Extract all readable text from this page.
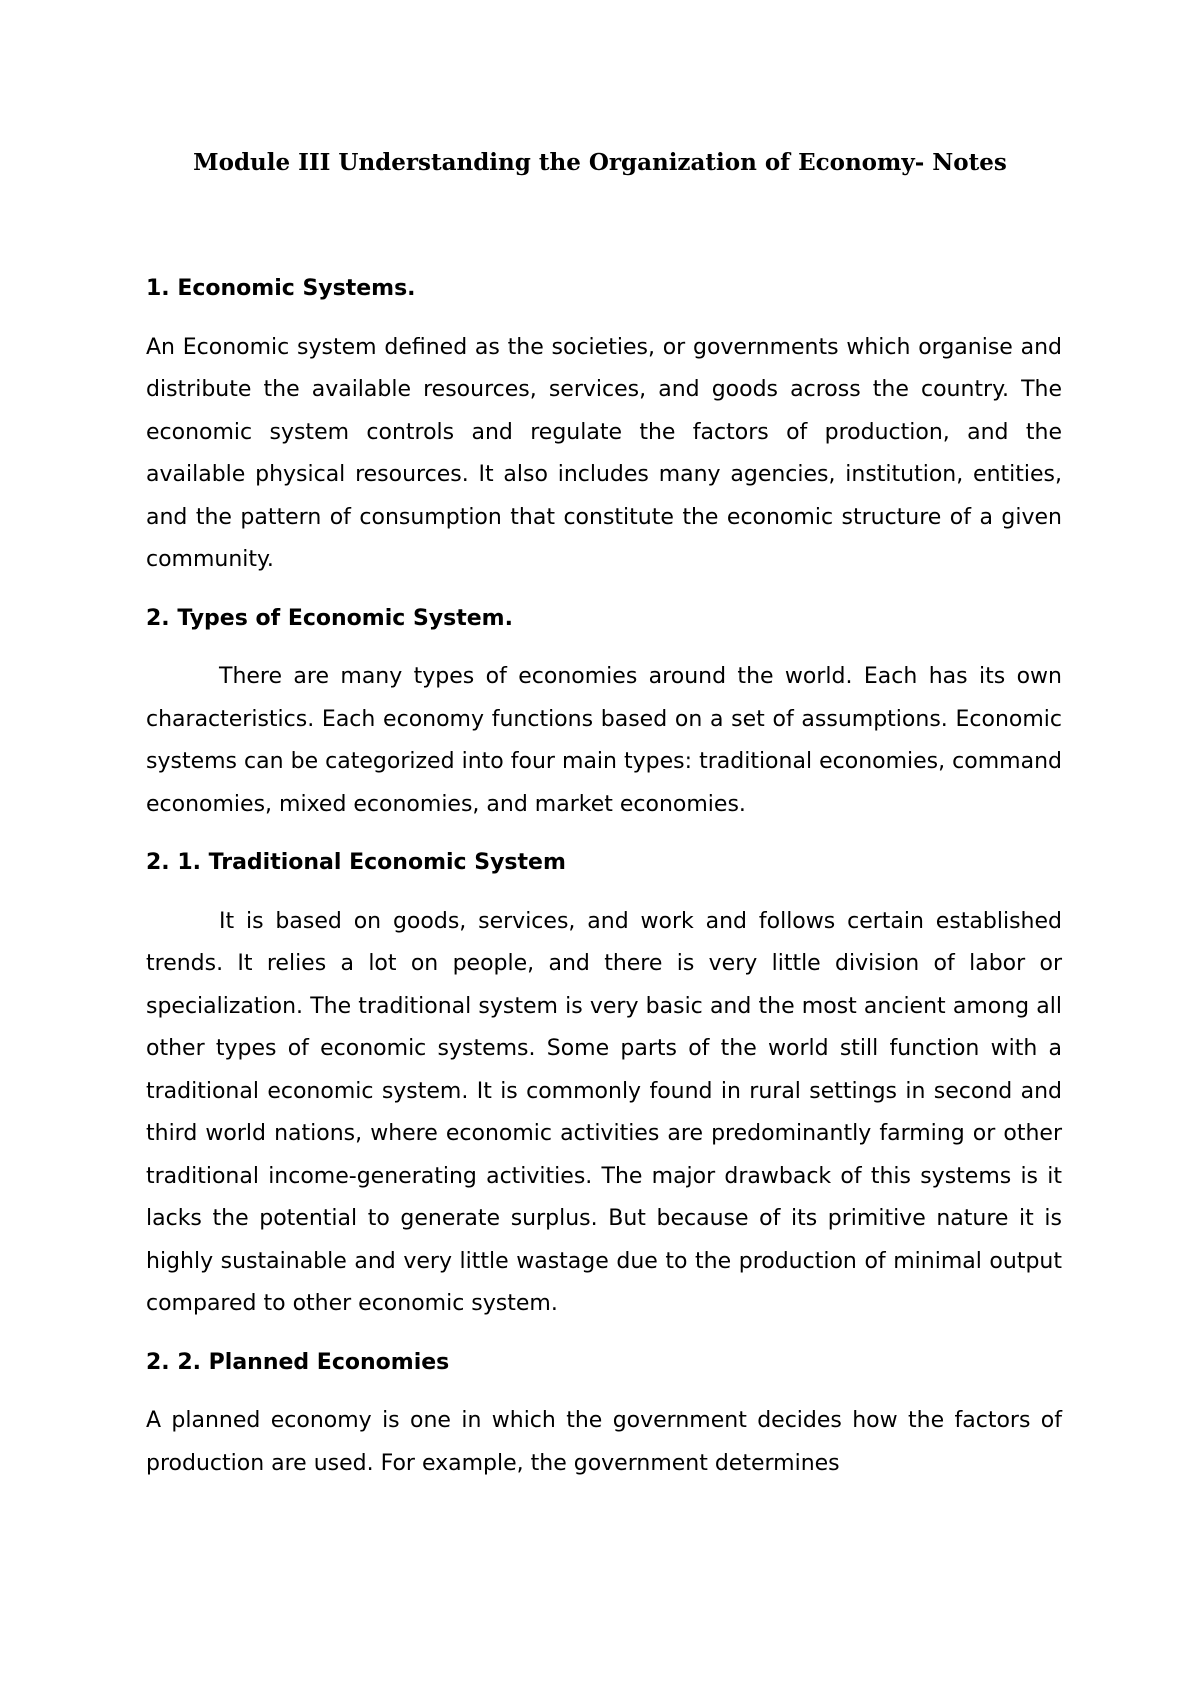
Module III Understanding the Organization of Economy- Notes
1. Economic Systems.

An Economic system defined as the societies, or governments which organise and distribute the available resources, services, and goods across the country. The economic system controls and regulate the factors of production, and the available physical resources. It also includes many agencies, institution, entities, and the pattern of consumption that constitute the economic structure of a given community.

2. Types of Economic System.

There are many types of economies around the world. Each has its own characteristics. Each economy functions based on a set of assumptions. Economic systems can be categorized into four main types: traditional economies, command economies, mixed economies, and market economies.

2. 1. Traditional Economic System

It is based on goods, services, and work and follows certain established trends. It relies a lot on people, and there is very little division of labor or specialization. The traditional system is very basic and the most ancient among all other types of economic systems. Some parts of the world still function with a traditional economic system. It is commonly found in rural settings in second and third world nations, where economic activities are predominantly farming or other traditional income-generating activities. The major drawback of this systems is it lacks the potential to generate surplus. But because of its primitive nature it is highly sustainable and very little wastage due to the production of minimal output compared to other economic system.

2. 2. Planned Economies

A planned economy is one in which the government decides how the factors of production are used. For example, the government determines
